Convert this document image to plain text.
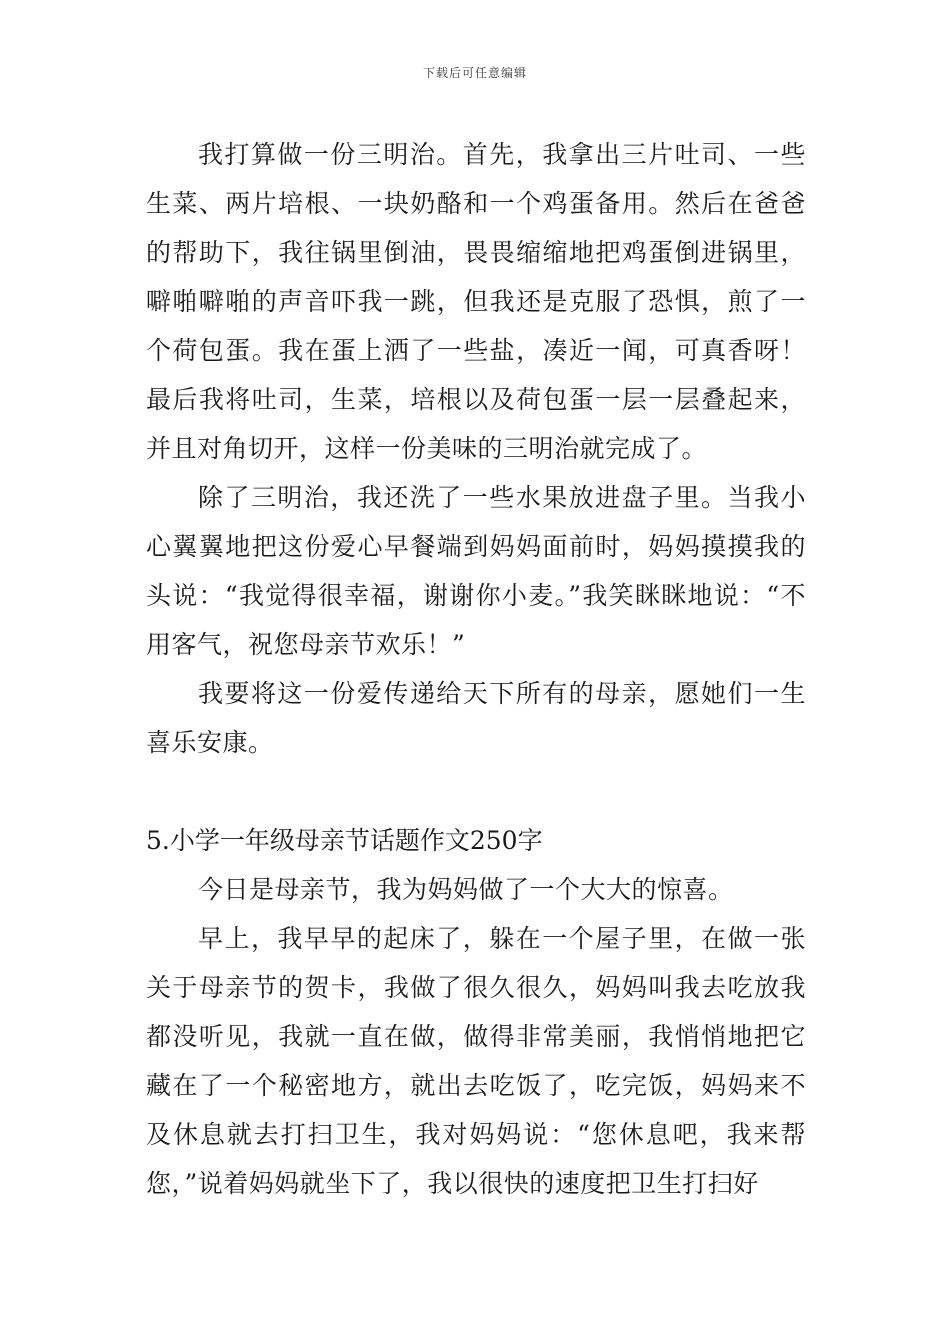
下载后可任意编辑

我打算做一份三明治。首先，我拿出三片吐司、一些生菜、两片培根、一块奶酪和一个鸡蛋备用。然后在爸爸的帮助下，我往锅里倒油，畏畏缩缩地把鸡蛋倒进锅里，噼啪噼啪的声音吓我一跳，但我还是克服了恐惧，煎了一个荷包蛋。我在蛋上洒了一些盐，凑近一闻，可真香呀！最后我将吐司，生菜，培根以及荷包蛋一层一层叠起来，并且对角切开，这样一份美味的三明治就完成了。

除了三明治，我还洗了一些水果放进盘子里。当我小心翼翼地把这份爱心早餐端到妈妈面前时，妈妈摸摸我的头说：“我觉得很幸福，谢谢你小麦。”我笑眯眯地说：“不用客气，祝您母亲节欢乐！”

我要将这一份爱传递给天下所有的母亲，愿她们一生喜乐安康。

5.小学一年级母亲节话题作文250字

今日是母亲节，我为妈妈做了一个大大的惊喜。

早上，我早早的起床了，躲在一个屋子里，在做一张关于母亲节的贺卡，我做了很久很久，妈妈叫我去吃放我都没听见，我就一直在做，做得非常美丽，我悄悄地把它藏在了一个秘密地方，就出去吃饭了，吃完饭，妈妈来不及休息就去打扫卫生，我对妈妈说：“您休息吧，我来帮您，”说着妈妈就坐下了，我以很快的速度把卫生打扫好
